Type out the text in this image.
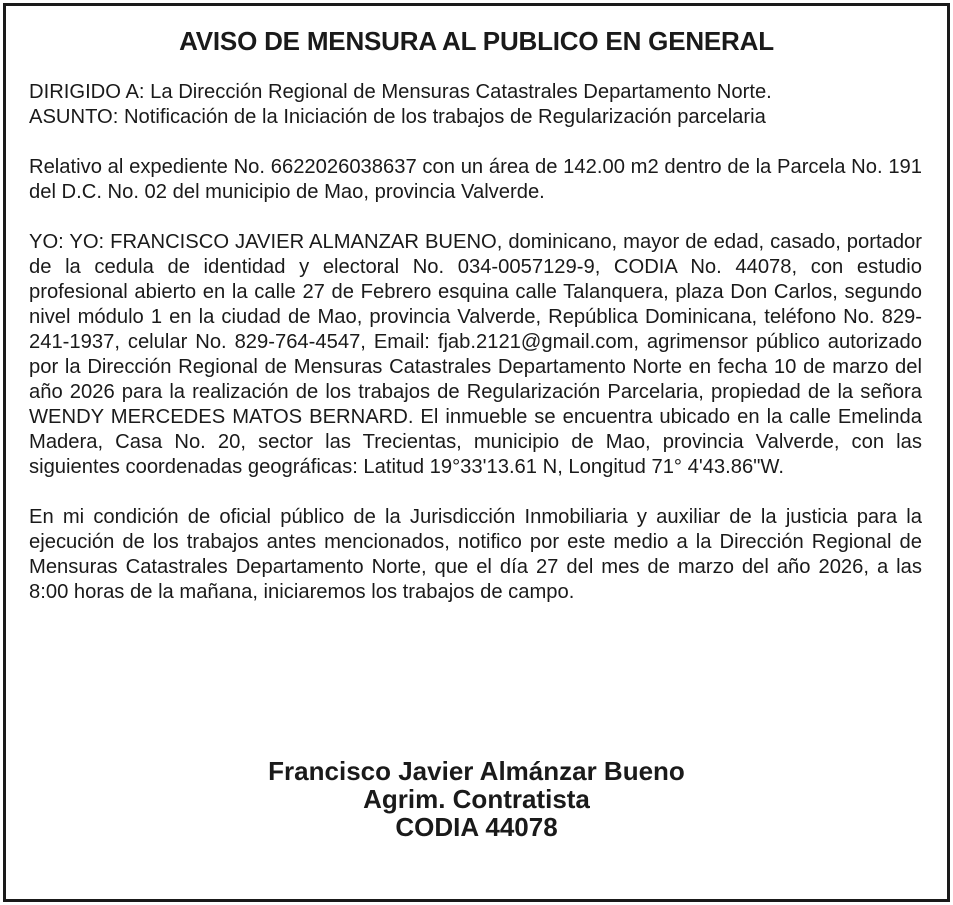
AVISO DE MENSURA AL PUBLICO EN GENERAL

DIRIGIDO A: La Dirección Regional de Mensuras Catastrales Departamento Norte.

ASUNTO: Notificación de la Iniciación de los trabajos de Regularización parcelaria

Relativo al expediente No. 6622026038637 con un área de 142.00 m2 dentro de la Parcela No. 191 del D.C. No. 02 del municipio de Mao, provincia Valverde.

YO: YO: FRANCISCO JAVIER ALMANZAR BUENO, dominicano, mayor de edad, casado, portador de la cedula de identidad y electoral No. 034-0057129-9, CODIA No. 44078, con estudio profesional abierto en la calle 27 de Febrero esquina calle Talanquera, plaza Don Carlos, segundo nivel módulo 1 en la ciudad de Mao, provincia Valverde, República Dominicana, teléfono No. 829-241-1937, celular No. 829-764-4547, Email: fjab.2121@gmail.com, agrimensor público autorizado por la Dirección Regional de Mensuras Catastrales Departamento Norte en fecha 10 de marzo del año 2026 para la realización de los trabajos de Regularización Parcelaria, propiedad de la señora WENDY MERCEDES MATOS BERNARD. El inmueble se encuentra ubicado en la calle Emelinda Madera, Casa No. 20, sector las Trecientas, municipio de Mao, provincia Valverde, con las siguientes coordenadas geográficas: Latitud 19°33'13.61 N, Longitud 71° 4'43.86"W.

En mi condición de oficial público de la Jurisdicción Inmobiliaria y auxiliar de la justicia para la ejecución de los trabajos antes mencionados, notifico por este medio a la Dirección Regional de Mensuras Catastrales Departamento Norte, que el día 27 del mes de marzo del año 2026, a las 8:00 horas de la mañana, iniciaremos los trabajos de campo.

Francisco Javier Almánzar Bueno
Agrim. Contratista
CODIA 44078
